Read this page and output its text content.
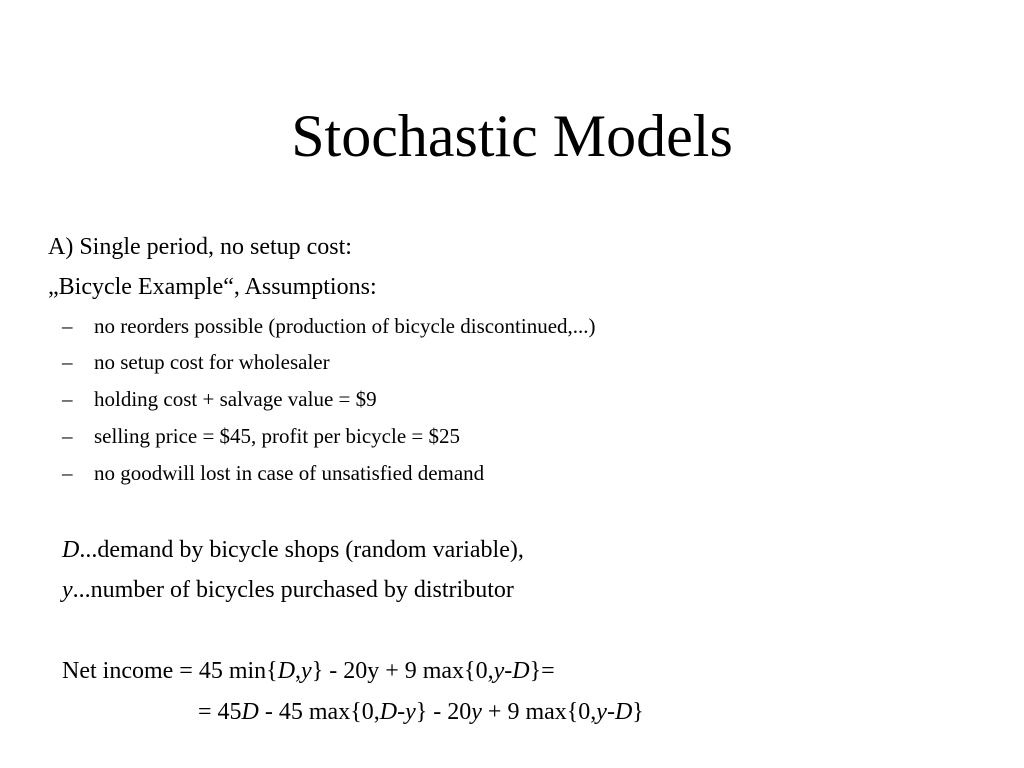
Stochastic Models
A) Single period, no setup cost:
„Bicycle Example“, Assumptions:
– no reorders possible (production of bicycle discontinued,...)
– no setup cost for wholesaler
– holding cost + salvage value = $9
– selling price = $45, profit per bicycle = $25
– no goodwill lost in case of unsatisfied demand
D...demand by bicycle shops (random variable),
y...number of bicycles purchased by distributor
Net income = 45 min{D,y} - 20y + 9 max{0,y-D}=
= 45D - 45 max{0,D-y} - 20y + 9 max{0,y-D}
